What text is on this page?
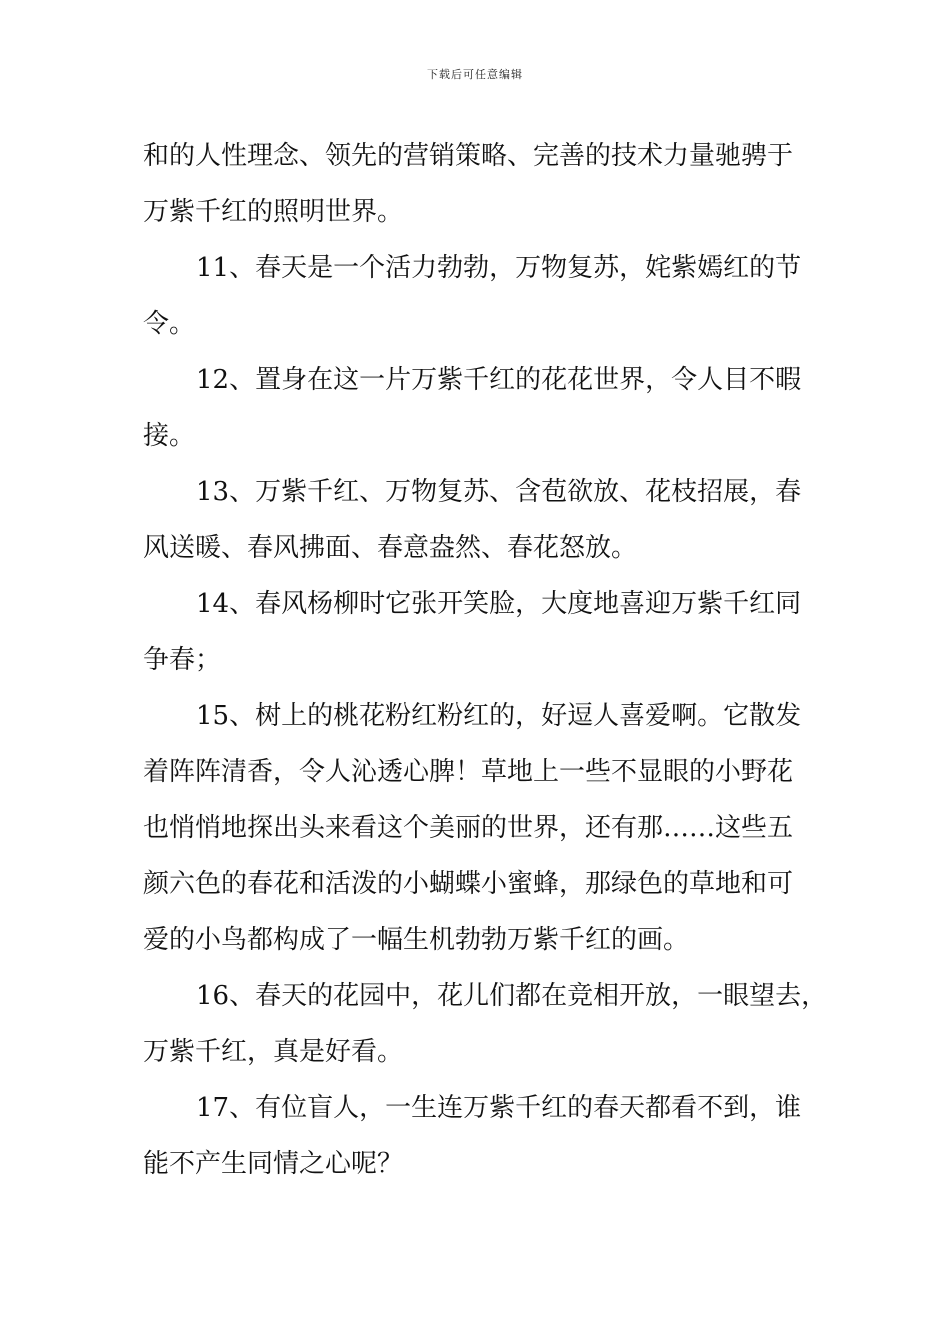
下载后可任意编辑

和的人性理念、领先的营销策略、完善的技术力量驰骋于
万紫千红的照明世界。

11、春天是一个活力勃勃，万物复苏，姹紫嫣红的节
令。

12、置身在这一片万紫千红的花花世界，令人目不暇
接。

13、万紫千红、万物复苏、含苞欲放、花枝招展，春
风送暖、春风拂面、春意盎然、春花怒放。

14、春风杨柳时它张开笑脸，大度地喜迎万紫千红同
争春；

15、树上的桃花粉红粉红的，好逗人喜爱啊。它散发
着阵阵清香，令人沁透心脾！草地上一些不显眼的小野花
也悄悄地探出头来看这个美丽的世界，还有那……这些五
颜六色的春花和活泼的小蝴蝶小蜜蜂，那绿色的草地和可
爱的小鸟都构成了一幅生机勃勃万紫千红的画。

16、春天的花园中，花儿们都在竞相开放，一眼望去，
万紫千红，真是好看。

17、有位盲人，一生连万紫千红的春天都看不到，谁
能不产生同情之心呢？
